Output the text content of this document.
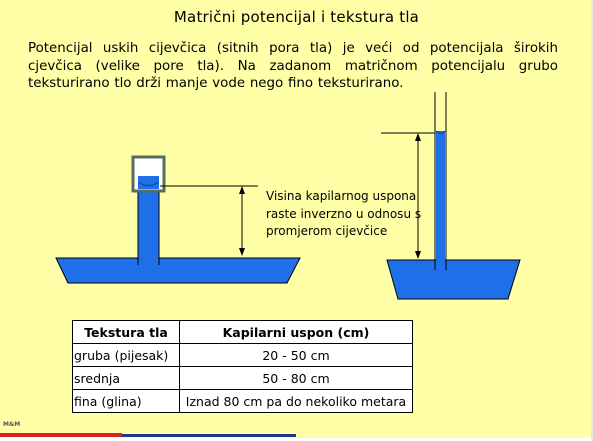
Matrični potencijal i tekstura tla
Potencijal uskih cijevčica (sitnih pora tla) je veći od potencijala širokih cjevčica (velike pore tla). Na zadanom matričnom potencijalu grubo teksturirano tlo drži manje vode nego fino teksturirano.
Visina kapilarnog uspona raste inverzno u odnosu s promjerom cijevčice
Tekstura tla	Kapilarni uspon (cm)
gruba (pijesak)	20 - 50 cm
srednja	50 - 80 cm
fina (glina)	Iznad 80 cm pa do nekoliko metara
M&M
